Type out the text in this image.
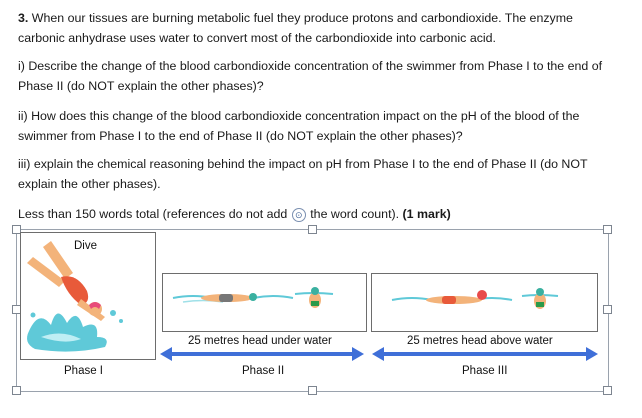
3. When our tissues are burning metabolic fuel they produce protons and carbondioxide. The enzyme carbonic anhydrase uses water to convert most of the carbondioxide into carbonic acid.
i) Describe the change of the blood carbondioxide concentration of the swimmer from Phase I to the end of Phase II (do NOT explain the other phases)?
ii) How does this change of the blood carbondioxide concentration impact on the pH of the blood of the swimmer from Phase I to the end of Phase II (do NOT explain the other phases)?
iii) explain the chemical reasoning behind the impact on pH from Phase I to the end of Phase II (do NOT explain the other phases).
Less than 150 words total (references do not add ⊙ the word count). (1 mark)
Dive
25 metres head under water	25 metres head above water
Phase I	Phase II	Phase III
